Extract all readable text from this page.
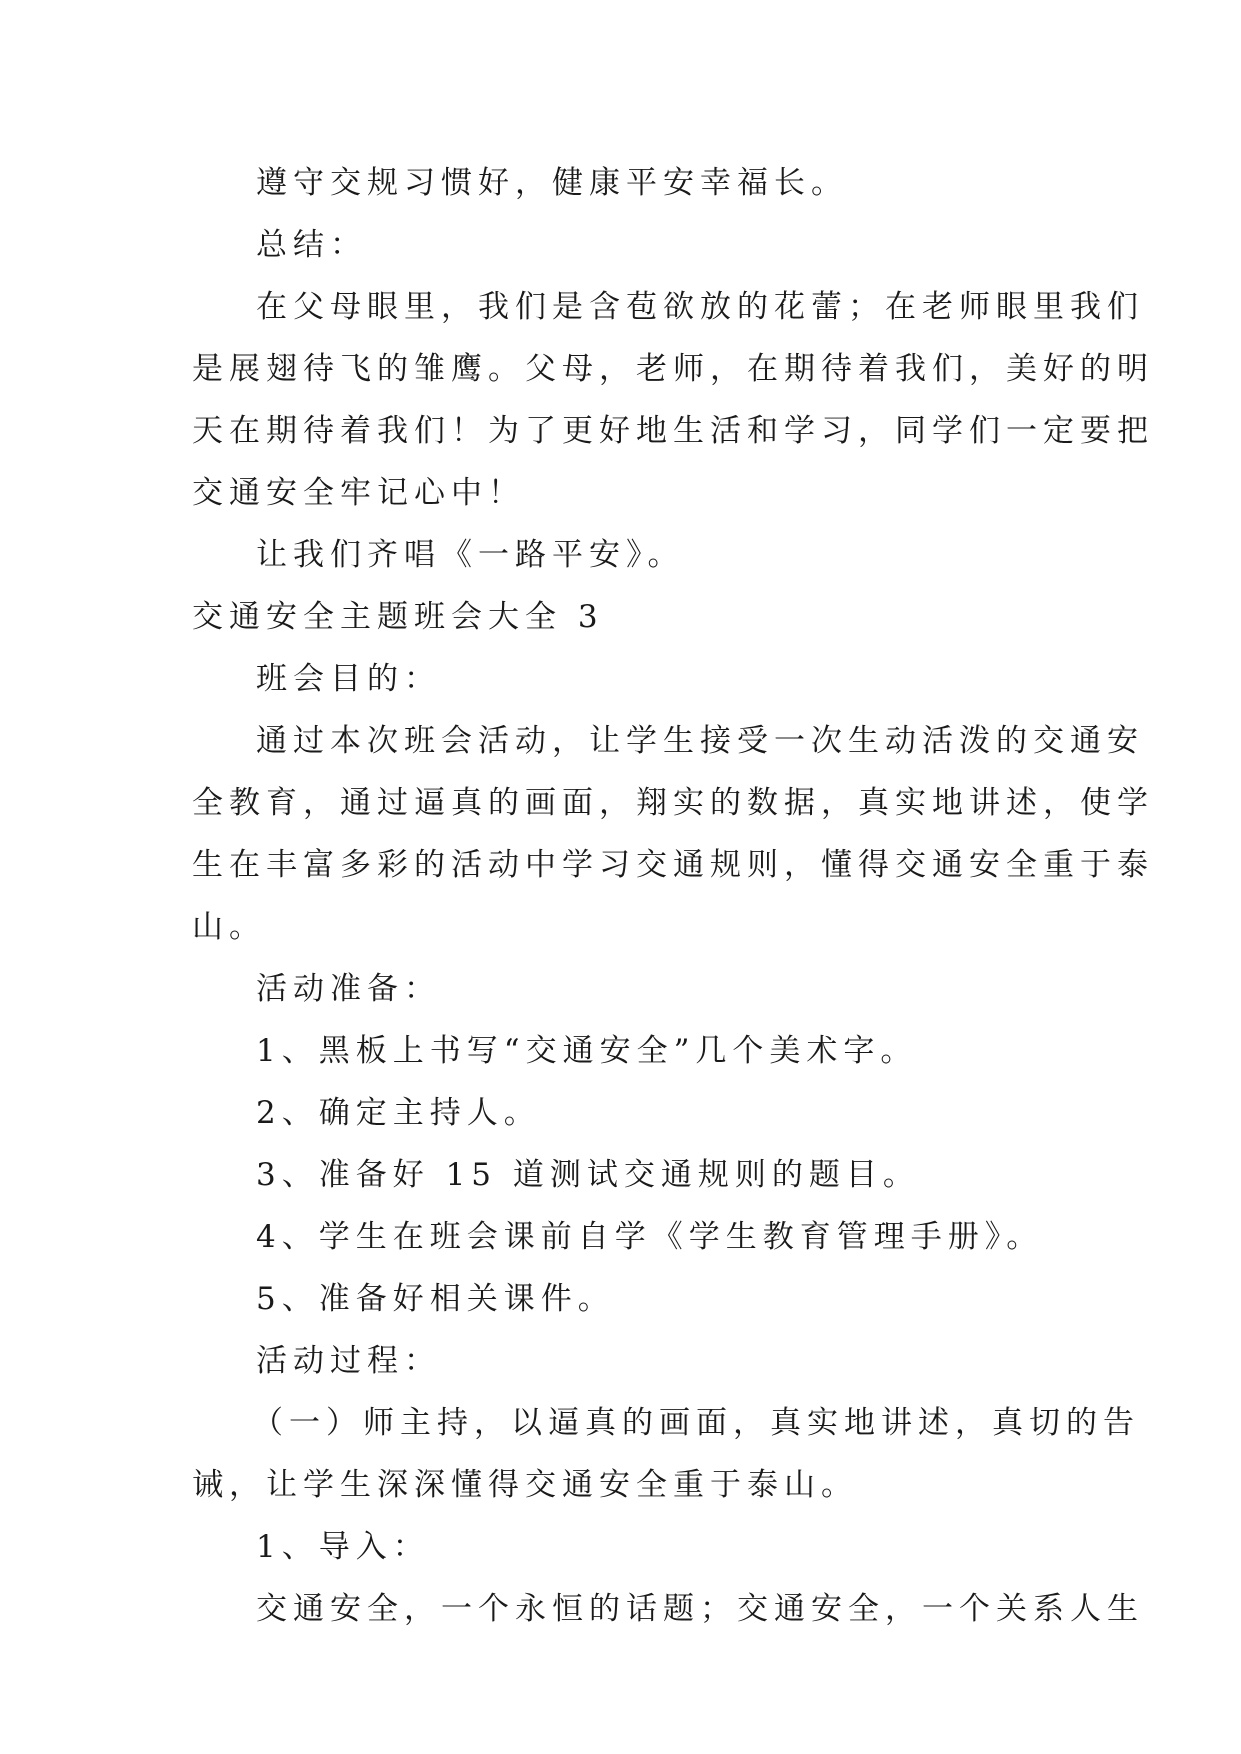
遵守交规习惯好，健康平安幸福长。
总结：
在父母眼里，我们是含苞欲放的花蕾；在老师眼里我们
是展翅待飞的雏鹰。父母，老师，在期待着我们，美好的明
天在期待着我们！为了更好地生活和学习，同学们一定要把
交通安全牢记心中！
让我们齐唱《一路平安》。
交通安全主题班会大全 3
班会目的：
通过本次班会活动，让学生接受一次生动活泼的交通安
全教育，通过逼真的画面，翔实的数据，真实地讲述，使学
生在丰富多彩的活动中学习交通规则，懂得交通安全重于泰
山。
活动准备：
1、黑板上书写“交通安全”几个美术字。
2、确定主持人。
3、准备好 15 道测试交通规则的题目。
4、学生在班会课前自学《学生教育管理手册》。
5、准备好相关课件。
活动过程：
（一）师主持，以逼真的画面，真实地讲述，真切的告
诫，让学生深深懂得交通安全重于泰山。
1、导入：
交通安全，一个永恒的话题；交通安全，一个关系人生
